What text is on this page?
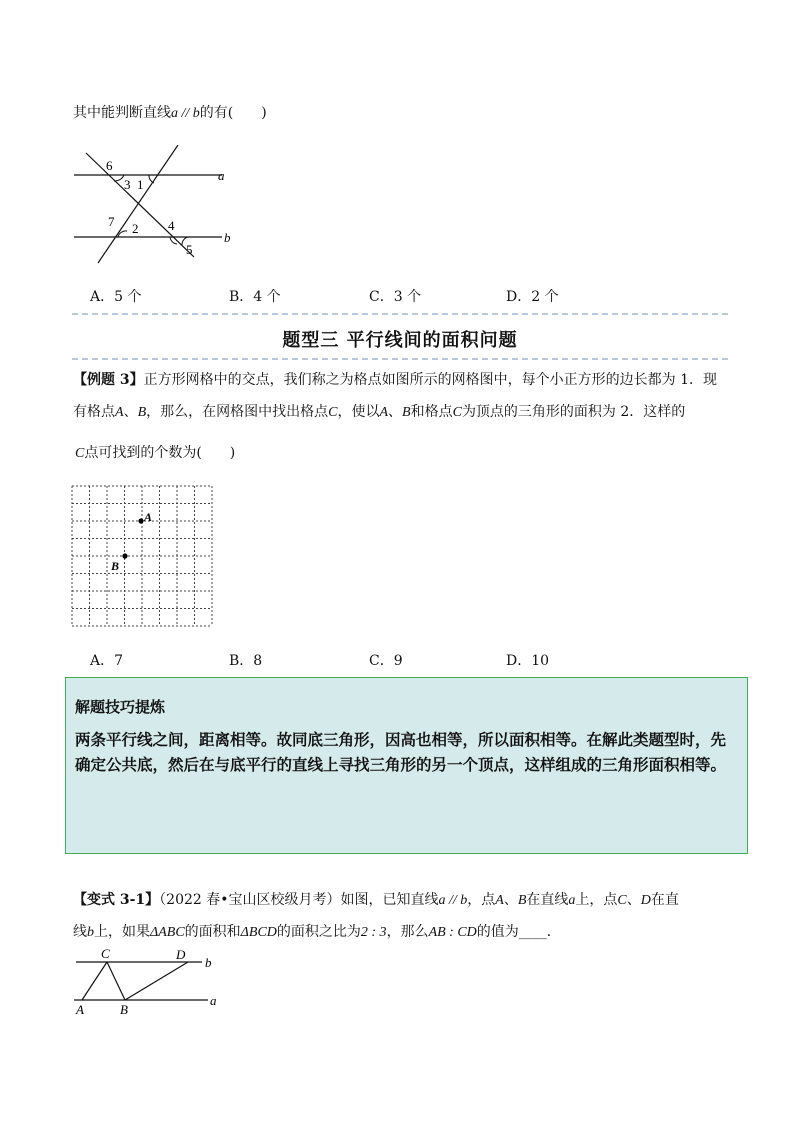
其中能判断直线a // b的有(　　)
6
3 1
7 2 4
5
a
b
A．5 个	B．4 个	C．3 个	D．2 个
题型三 平行线间的面积问题
【例题 3】正方形网格中的交点，我们称之为格点如图所示的网格图中，每个小正方形的边长都为 1．现
有格点A、B，那么，在网格图中找出格点C，使以A、B和格点C为顶点的三角形的面积为 2．这样的
C点可找到的个数为(　　)
A
B
A．7	B．8	C．9	D．10
解题技巧提炼
两条平行线之间，距离相等。故同底三角形，因高也相等，所以面积相等。在解此类题型时，先确定公共底，然后在与底平行的直线上寻找三角形的另一个顶点，这样组成的三角形面积相等。
【变式 3-1】（2022 春•宝山区校级月考）如图，已知直线a // b，点A、B在直线a上，点C、D在直
线b上，如果ΔABC的面积和ΔBCD的面积之比为2 : 3，那么AB : CD的值为____．
C	D
b
A	B
a
